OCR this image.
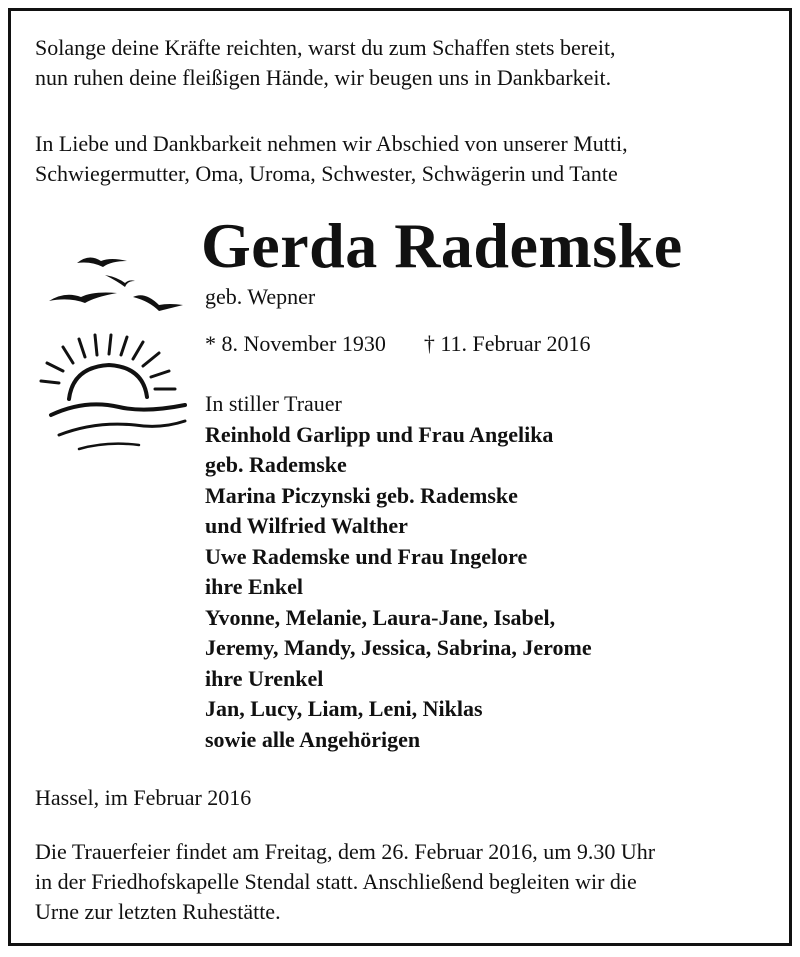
Solange deine Kräfte reichten, warst du zum Schaffen stets bereit,
nun ruhen deine fleißigen Hände, wir beugen uns in Dankbarkeit.
In Liebe und Dankbarkeit nehmen wir Abschied von unserer Mutti,
Schwiegermutter, Oma, Uroma, Schwester, Schwägerin und Tante
Gerda Rademske
geb. Wepner
* 8. November 1930 † 11. Februar 2016
In stiller Trauer
Reinhold Garlipp und Frau Angelika
geb. Rademske
Marina Piczynski geb. Rademske
und Wilfried Walther
Uwe Rademske und Frau Ingelore
ihre Enkel
Yvonne, Melanie, Laura-Jane, Isabel,
Jeremy, Mandy, Jessica, Sabrina, Jerome
ihre Urenkel
Jan, Lucy, Liam, Leni, Niklas
sowie alle Angehörigen
Hassel, im Februar 2016
Die Trauerfeier findet am Freitag, dem 26. Februar 2016, um 9.30 Uhr
in der Friedhofskapelle Stendal statt. Anschließend begleiten wir die
Urne zur letzten Ruhestätte.
